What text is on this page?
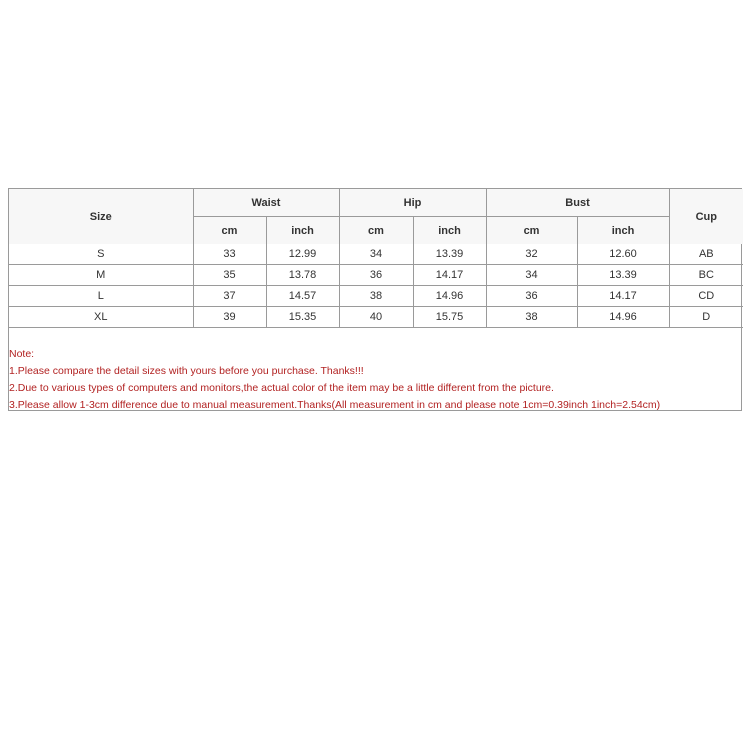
Size	Waist		Hip		Bust		Cup
	cm	inch	cm	inch	cm	inch	
S	33	12.99	34	13.39	32	12.60	AB
M	35	13.78	36	14.17	34	13.39	BC
L	37	14.57	38	14.96	36	14.17	CD
XL	39	15.35	40	15.75	38	14.96	D
Note:
1.Please compare the detail sizes with yours before you purchase. Thanks!!!
2.Due to various types of computers and monitors,the actual color of the item may be a little different from the picture.
3.Please allow 1-3cm difference due to manual measurement.Thanks(All measurement in cm and please note 1cm=0.39inch 1inch=2.54cm)
